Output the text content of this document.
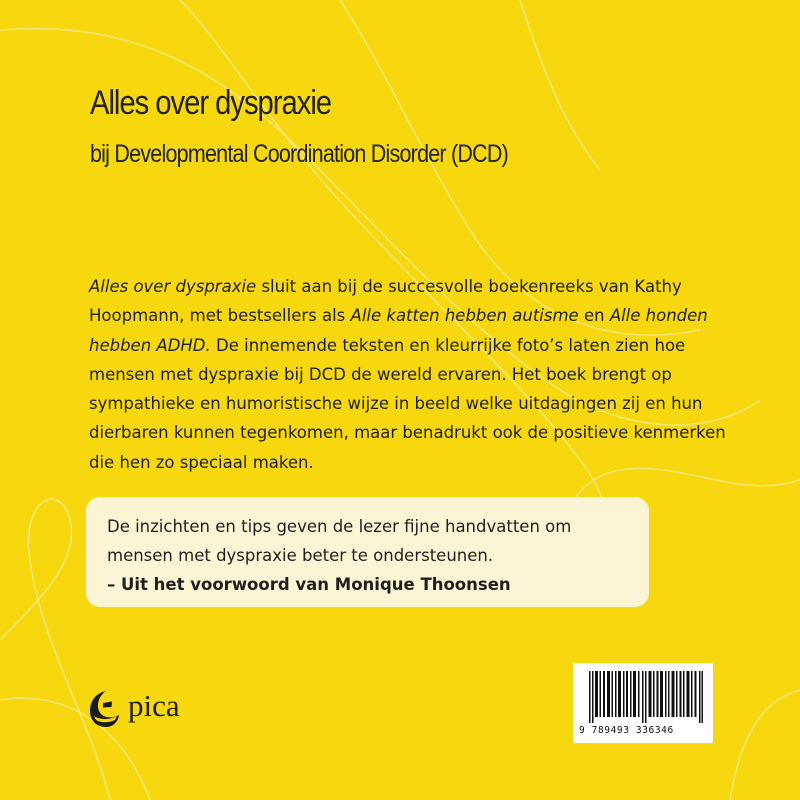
Alles over dyspraxie
bij Developmental Coordination Disorder (DCD)

Alles over dyspraxie sluit aan bij de succesvolle boekenreeks van Kathy Hoopmann, met bestsellers als Alle katten hebben autisme en Alle honden hebben ADHD. De innemende teksten en kleurrijke foto’s laten zien hoe mensen met dyspraxie bij DCD de wereld ervaren. Het boek brengt op sympathieke en humoristische wijze in beeld welke uitdagingen zij en hun dierbaren kunnen tegenkomen, maar benadrukt ook de positieve kenmerken die hen zo speciaal maken.

De inzichten en tips geven de lezer fijne handvatten om mensen met dyspraxie beter te ondersteunen.
– Uit het voorwoord van Monique Thoonsen

pica
9 789493 336346
